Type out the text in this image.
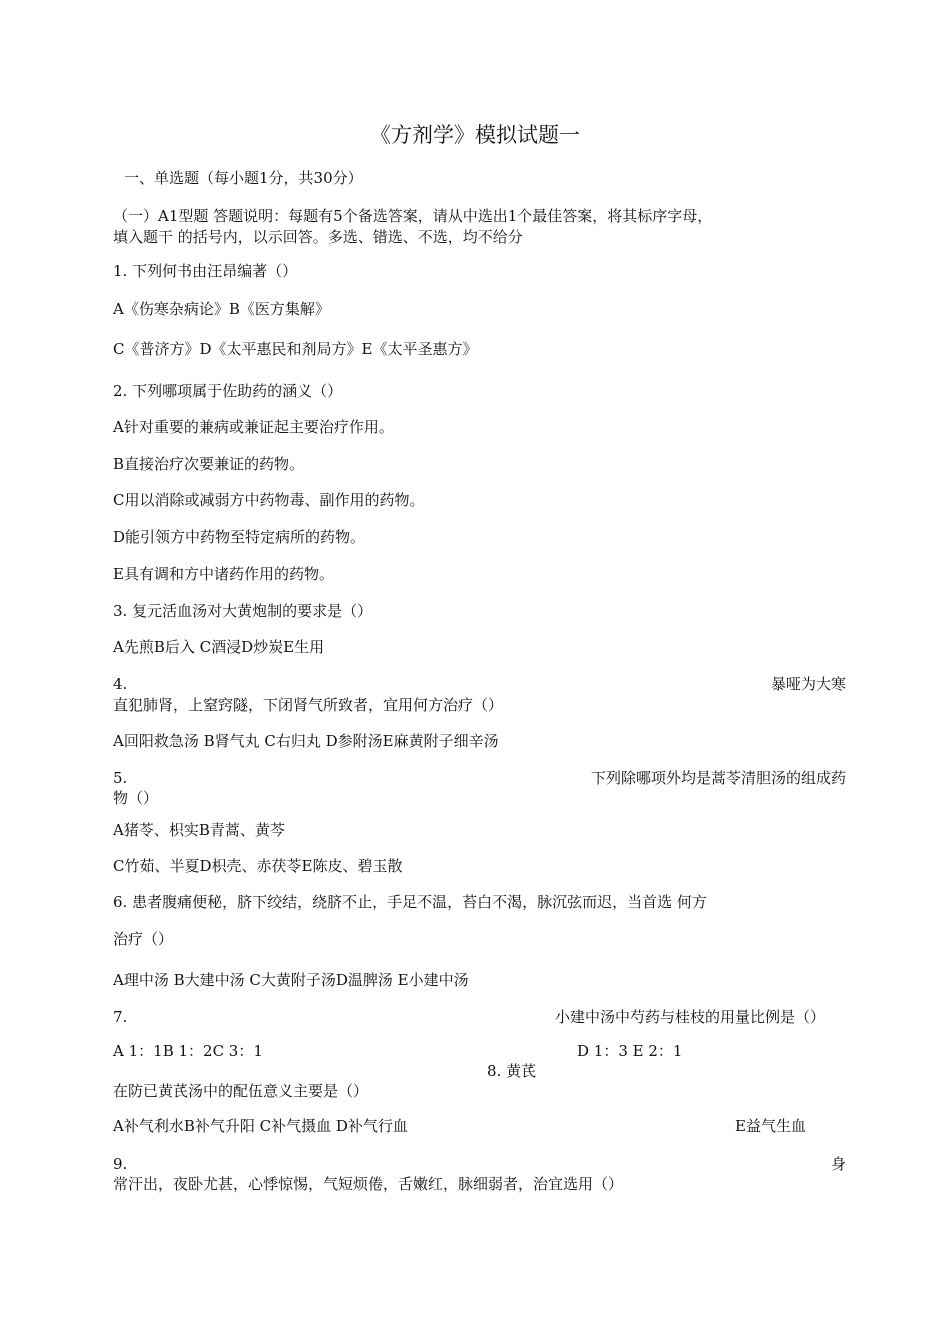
《方剂学》模拟试题一
一、单选题（每小题1分，共30分）
（一）A1型题 答题说明：每题有5个备选答案，请从中选出1个最佳答案，将其标序字母，
填入题干 的括号内，以示回答。多选、错选、不选，均不给分
1. 下列何书由汪昂编著（）
A《伤寒杂病论》B《医方集解》
C《普济方》D《太平惠民和剂局方》E《太平圣惠方》
2. 下列哪项属于佐助药的涵义（）
A针对重要的兼病或兼证起主要治疗作用。
B直接治疗次要兼证的药物。
C用以消除或减弱方中药物毒、副作用的药物。
D能引领方中药物至特定病所的药物。
E具有调和方中诸药作用的药物。
3. 复元活血汤对大黄炮制的要求是（）
A先煎B后入 C酒浸D炒炭E生用
4.	暴哑为大寒
直犯肺肾，上窒窍隧，下闭肾气所致者，宜用何方治疗（）
A回阳救急汤 B肾气丸 C右归丸 D参附汤E麻黄附子细辛汤
5.	下列除哪项外均是蒿苓清胆汤的组成药
物（）
A猪苓、枳实B青蒿、黄芩
C竹茹、半夏D枳壳、赤茯苓E陈皮、碧玉散
6. 患者腹痛便秘，脐下绞结，绕脐不止，手足不温，苔白不渴，脉沉弦而迟，当首选 何方
治疗（）
A理中汤 B大建中汤 C大黄附子汤D温脾汤 E小建中汤
7.	小建中汤中芍药与桂枝的用量比例是（）
A 1：1B 1：2C 3：1	D 1：3 E 2：1
8. 黄芪
在防已黄芪汤中的配伍意义主要是（）
A补气利水B补气升阳 C补气摄血 D补气行血	E益气生血
9.	身
常汗出，夜卧尤甚，心悸惊惕，气短烦倦，舌嫩红，脉细弱者，治宜选用（）
